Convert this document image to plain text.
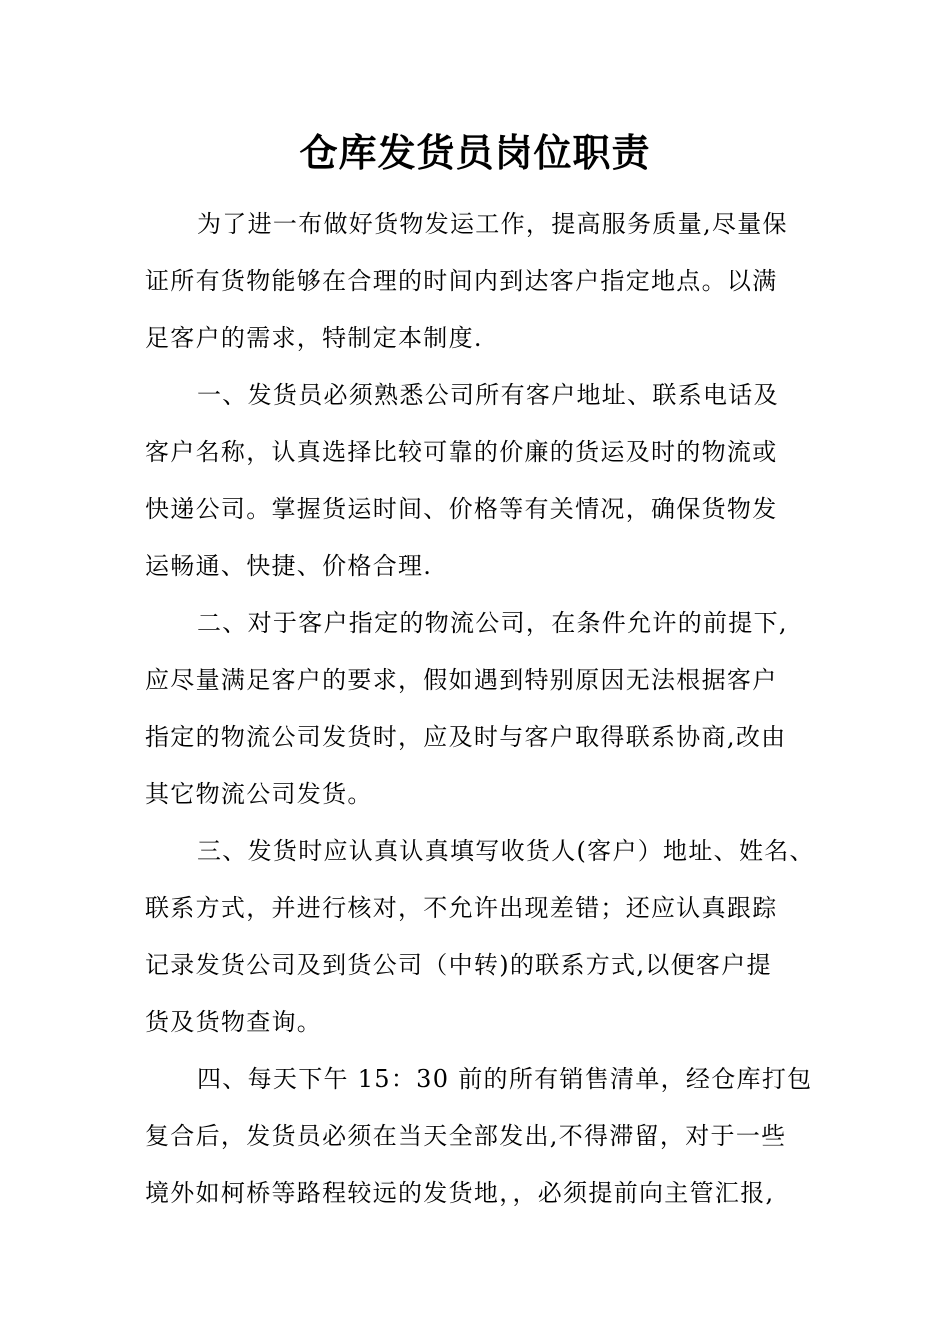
仓库发货员岗位职责
为了进一布做好货物发运工作，提高服务质量,尽量保
证所有货物能够在合理的时间内到达客户指定地点。以满
足客户的需求，特制定本制度.
一、发货员必须熟悉公司所有客户地址、联系电话及
客户名称，认真选择比较可靠的价廉的货运及时的物流或
快递公司。掌握货运时间、价格等有关情况，确保货物发
运畅通、快捷、价格合理.
二、对于客户指定的物流公司，在条件允许的前提下,
应尽量满足客户的要求，假如遇到特别原因无法根据客户
指定的物流公司发货时，应及时与客户取得联系协商,改由
其它物流公司发货。
三、发货时应认真认真填写收货人(客户）地址、姓名、
联系方式，并进行核对，不允许出现差错；还应认真跟踪
记录发货公司及到货公司（中转)的联系方式,以便客户提
货及货物查询。
四、每天下午 15：30 前的所有销售清单，经仓库打包
复合后，发货员必须在当天全部发出,不得滞留，对于一些
境外如柯桥等路程较远的发货地，，必须提前向主管汇报,
